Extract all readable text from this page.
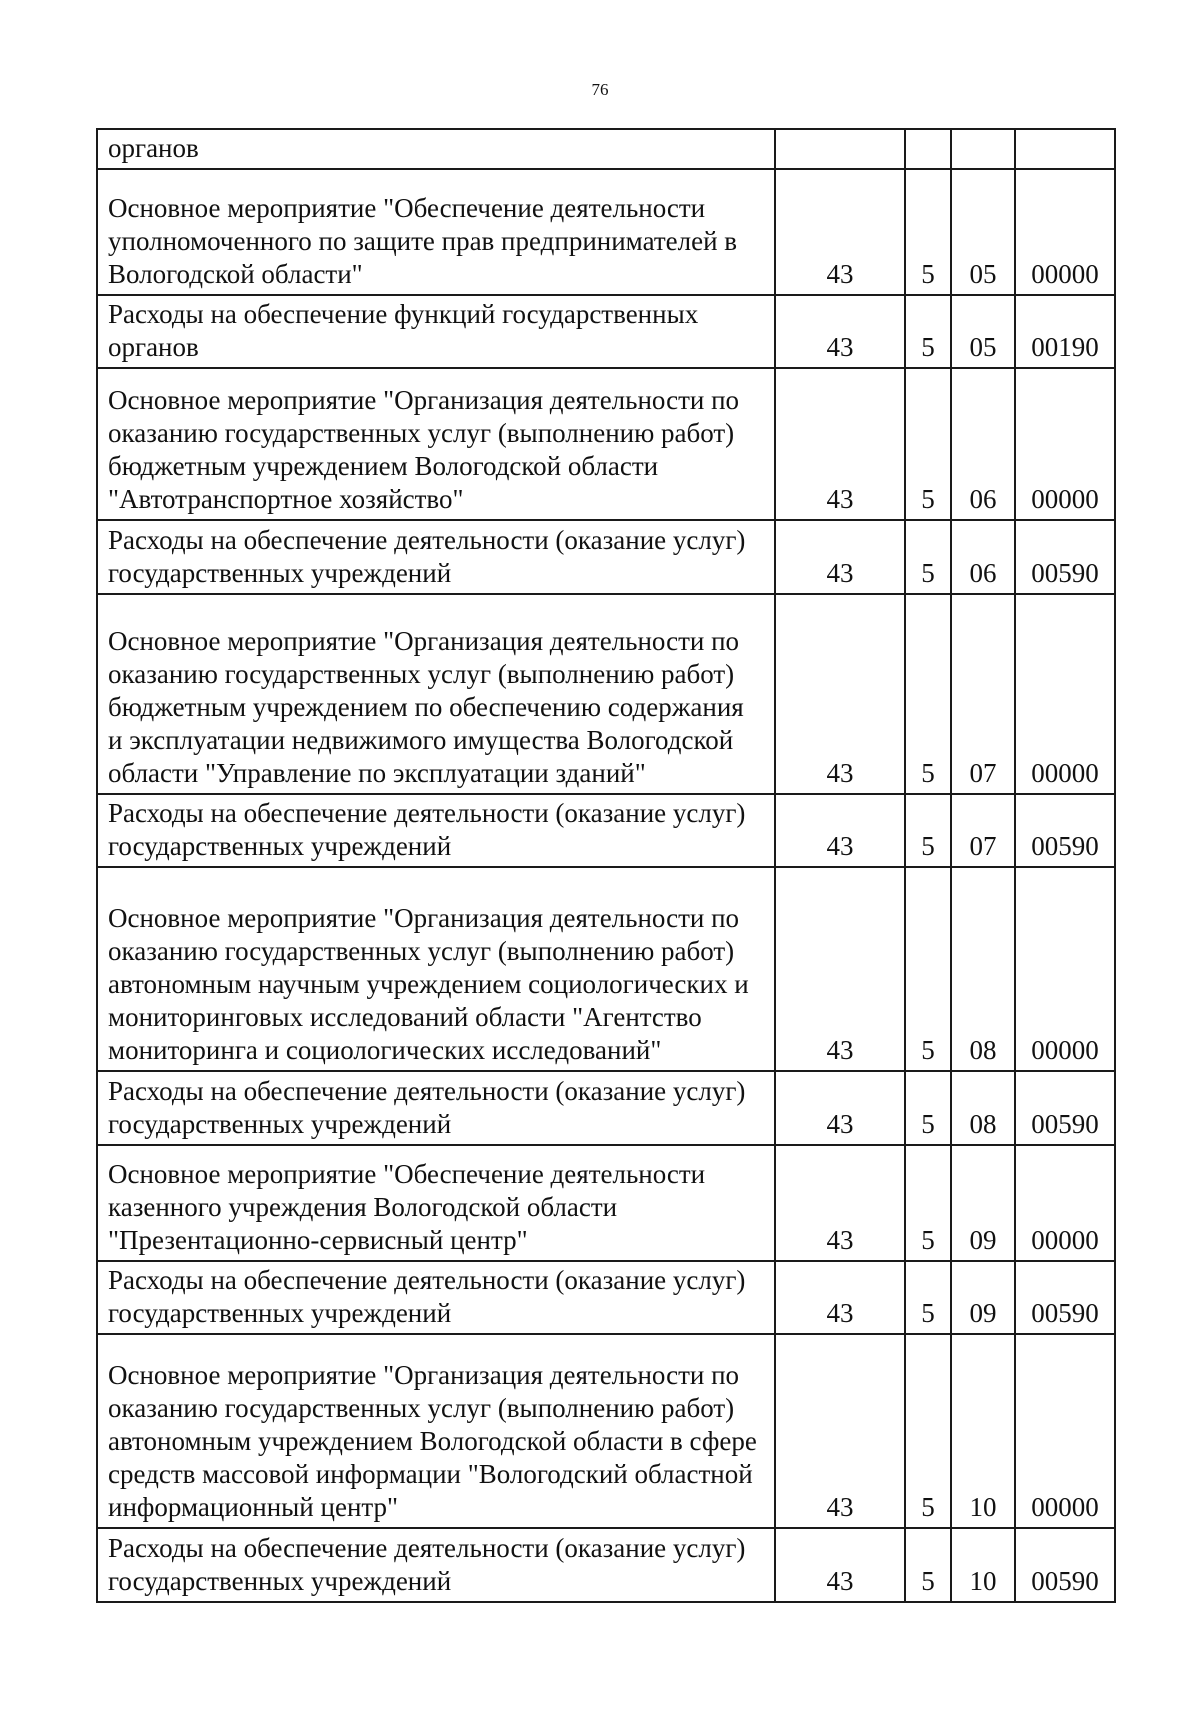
76
органов				
Основное мероприятие "Обеспечение деятельности уполномоченного по защите прав предпринимателей в Вологодской области"	43	5	05	00000
Расходы на обеспечение функций государственных органов	43	5	05	00190
Основное мероприятие "Организация деятельности по оказанию государственных услуг (выполнению работ) бюджетным учреждением Вологодской области "Автотранспортное хозяйство"	43	5	06	00000
Расходы на обеспечение деятельности (оказание услуг) государственных учреждений	43	5	06	00590
Основное мероприятие "Организация деятельности по оказанию государственных услуг (выполнению работ) бюджетным учреждением по обеспечению содержания и эксплуатации недвижимого имущества Вологодской области "Управление по эксплуатации зданий"	43	5	07	00000
Расходы на обеспечение деятельности (оказание услуг) государственных учреждений	43	5	07	00590
Основное мероприятие "Организация деятельности по оказанию государственных услуг (выполнению работ) автономным научным учреждением социологических и мониторинговых исследований области "Агентство мониторинга и социологических исследований"	43	5	08	00000
Расходы на обеспечение деятельности (оказание услуг) государственных учреждений	43	5	08	00590
Основное мероприятие "Обеспечение деятельности казенного учреждения Вологодской области "Презентационно-сервисный центр"	43	5	09	00000
Расходы на обеспечение деятельности (оказание услуг) государственных учреждений	43	5	09	00590
Основное мероприятие "Организация деятельности по оказанию государственных услуг (выполнению работ) автономным учреждением Вологодской области в сфере средств массовой информации "Вологодский областной информационный центр"	43	5	10	00000
Расходы на обеспечение деятельности (оказание услуг) государственных учреждений	43	5	10	00590
